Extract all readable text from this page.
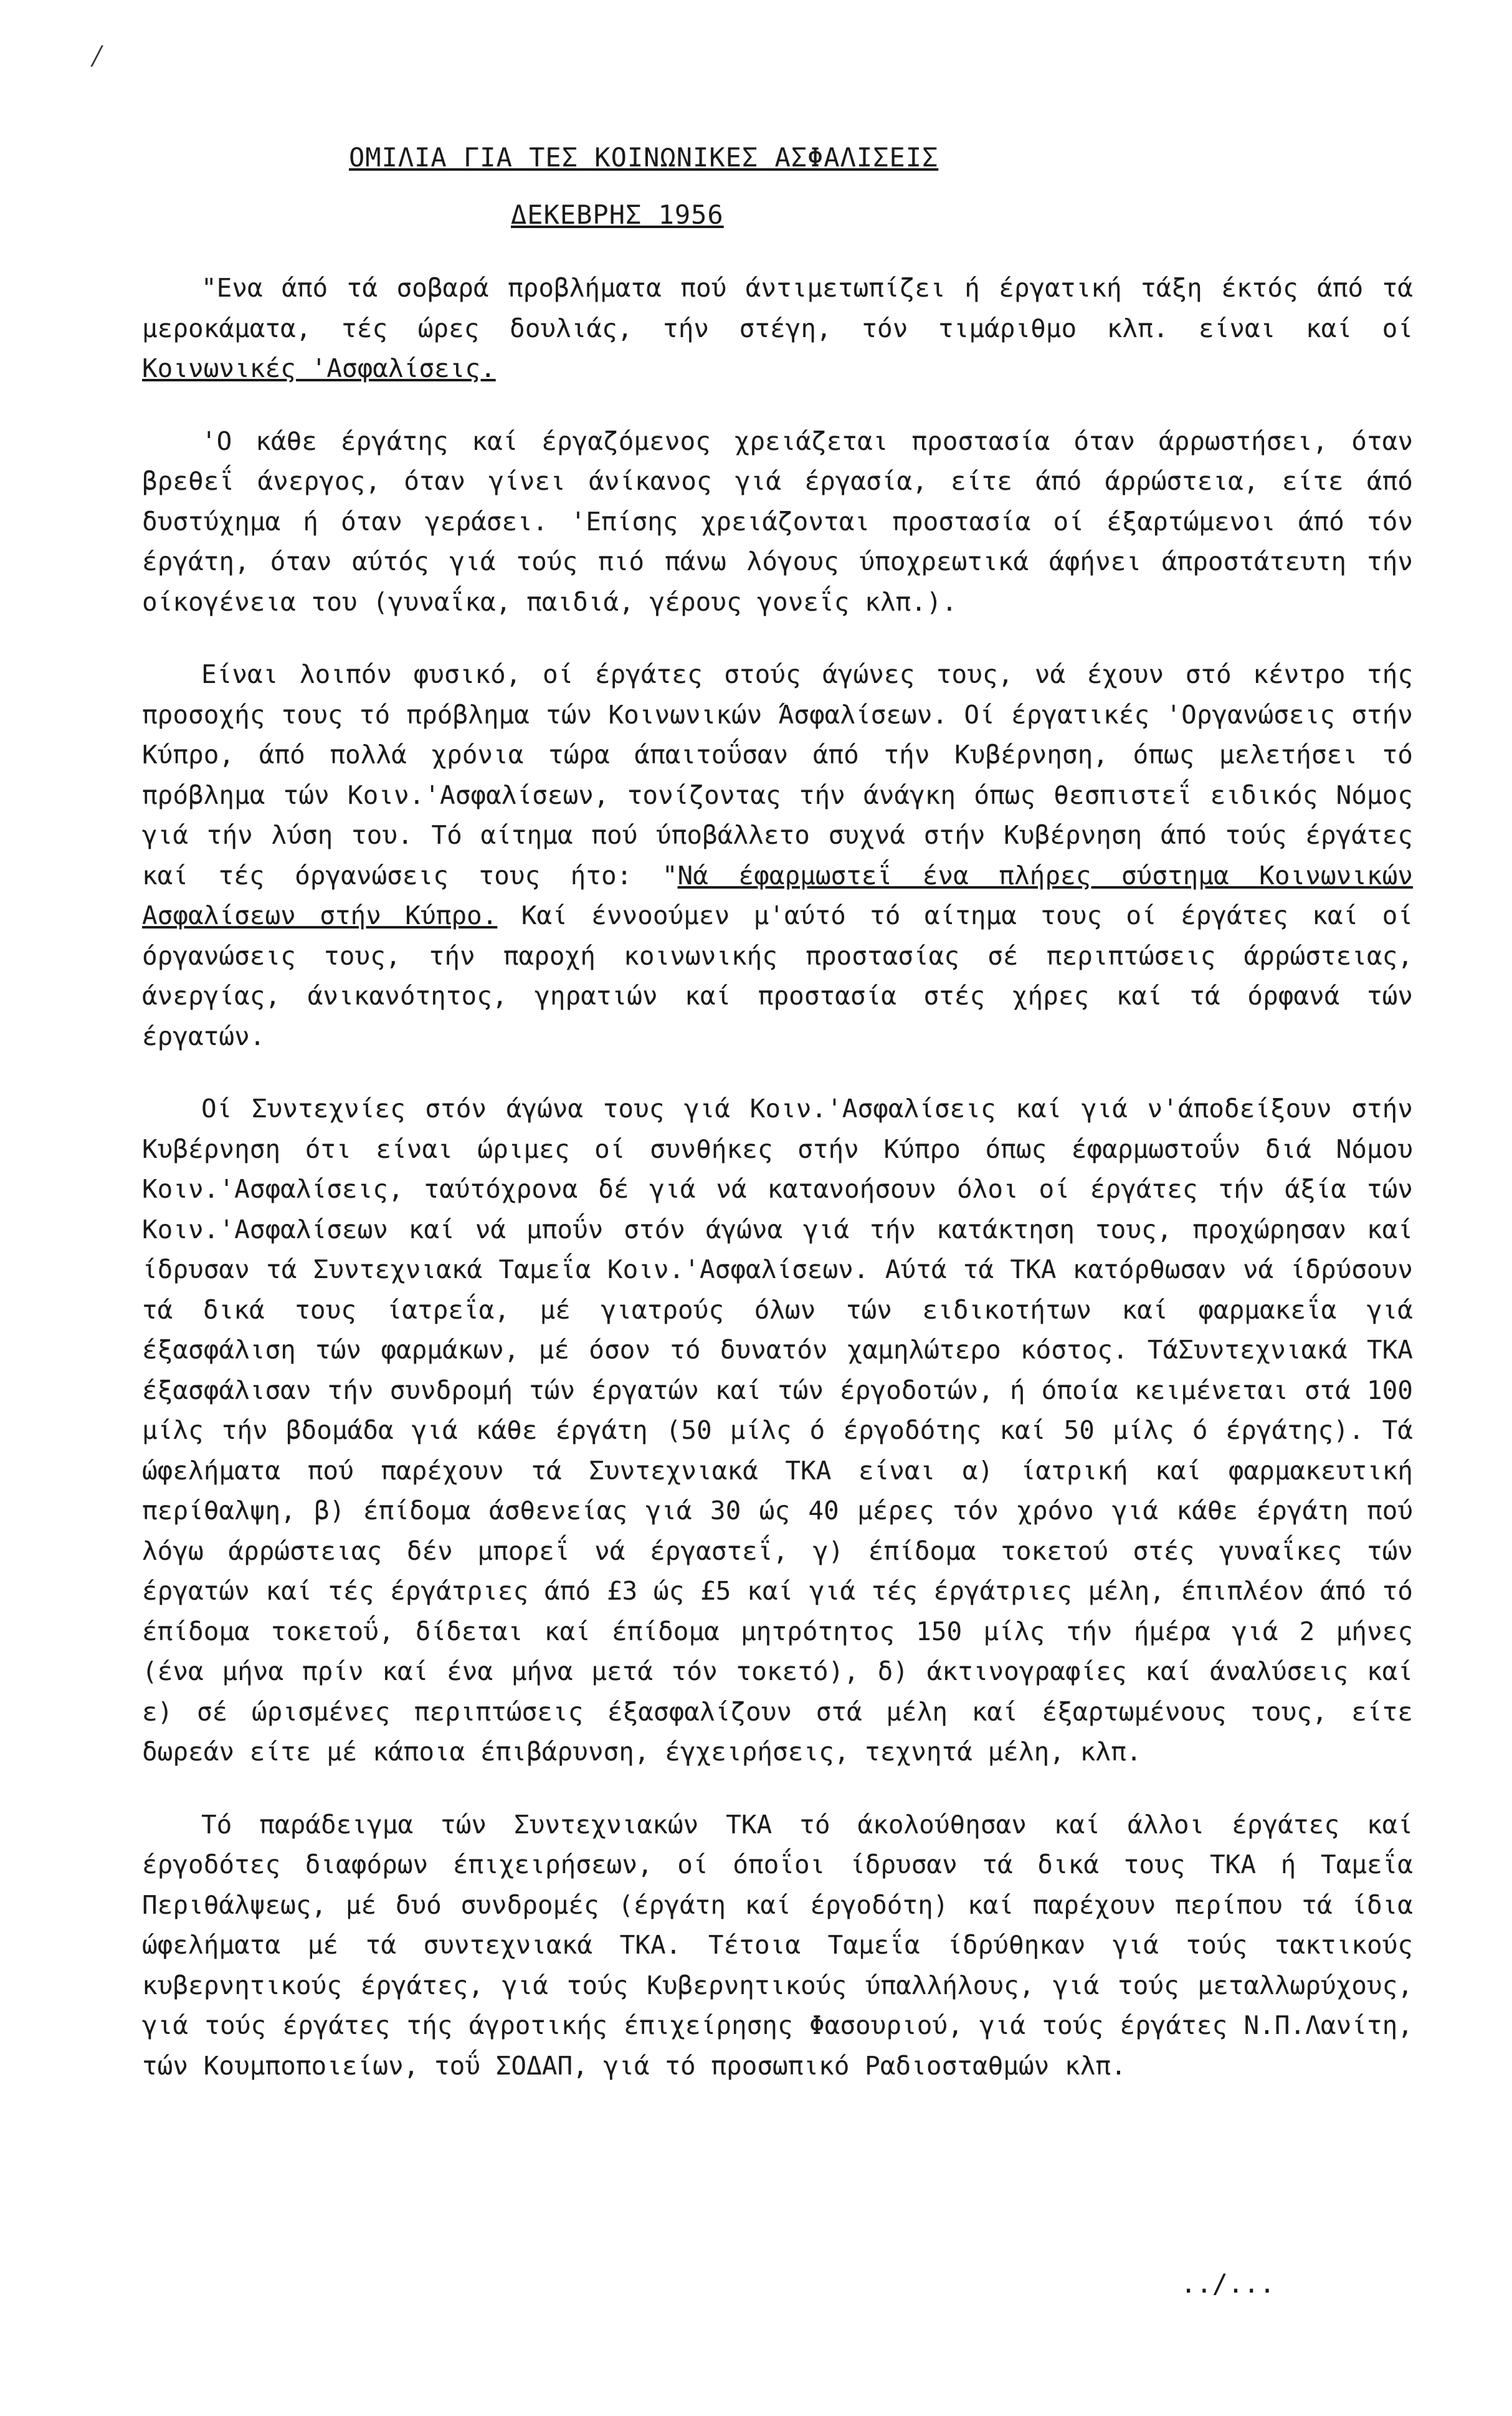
⁄
ΟΜΙΛΙΑ ΓΙΑ ΤΕΣ ΚΟΙΝΩΝΙΚΕΣ ΑΣΦΑΛΙΣΕΙΣ
ΔΕΚΕΒΡΗΣ 1956

"Ενα άπό τά σοβαρά προβλήματα πού άντιμετωπίζει ή έργατική τάξη έκτός άπό τά μεροκάματα, τές ώρες δουλιάς, τήν στέγη, τόν τιμάριθμο κλπ. είναι καί οί Κοινωνικές 'Ασφαλίσεις.

'Ο κάθε έργάτης καί έργαζόμενος χρειάζεται προστασία όταν άρρωστήσει, όταν βρεθεΐ άνεργος, όταν γίνει άνίκανος γιά έργασία, είτε άπό άρρώστεια, είτε άπό δυστύχημα ή όταν γεράσει. 'Επίσης χρειάζονται προστασία οί έξαρτώμενοι άπό τόν έργάτη, όταν αύτός γιά τούς πιό πάνω λόγους ύποχρεωτικά άφήνει άπροστάτευτη τήν οίκογένεια του (γυναΐκα, παιδιά, γέρους γονεΐς κλπ.).

Είναι λοιπόν φυσικό, οί έργάτες στούς άγώνες τους, νά έχουν στό κέντρο τής προσοχής τους τό πρόβλημα τών Κοινωνικών Άσφαλίσεων. Οί έργατικές 'Οργανώσεις στήν Κύπρο, άπό πολλά χρόνια τώρα άπαιτοΰσαν άπό τήν Κυβέρνηση, όπως μελετήσει τό πρόβλημα τών Κοιν.'Ασφαλίσεων, τονίζοντας τήν άνάγκη όπως θεσπιστεΐ ειδικός Νόμος γιά τήν λύση του. Τό αίτημα πού ύποβάλλετο συχνά στήν Κυβέρνηση άπό τούς έργάτες καί τές όργανώσεις τους ήτο: "Νά έφαρμωστεΐ ένα πλήρες σύστημα Κοινωνικών Ασφαλίσεων στήν Κύπρο. Καί έννοούμεν μ'αύτό τό αίτημα τους οί έργάτες καί οί όργανώσεις τους, τήν παροχή κοινωνικής προστασίας σέ περιπτώσεις άρρώστειας, άνεργίας, άνικανότητος, γηρατιών καί προστασία στές χήρες καί τά όρφανά τών έργατών.

Οί Συντεχνίες στόν άγώνα τους γιά Κοιν.'Ασφαλίσεις καί γιά ν'άποδείξουν στήν Κυβέρνηση ότι είναι ώριμες οί συνθήκες στήν Κύπρο όπως έφαρμωστοΰν διά Νόμου Κοιν.'Ασφαλίσεις, ταύτόχρονα δέ γιά νά κατανοήσουν όλοι οί έργάτες τήν άξία τών Κοιν.'Ασφαλίσεων καί νά μποΰν στόν άγώνα γιά τήν κατάκτηση τους, προχώρησαν καί ίδρυσαν τά Συντεχνιακά Ταμεΐα Κοιν.'Ασφαλίσεων. Αύτά τά ΤΚΑ κατόρθωσαν νά ίδρύσουν τά δικά τους ίατρεΐα, μέ γιατρούς όλων τών ειδικοτήτων καί φαρμακεΐα γιά έξασφάλιση τών φαρμάκων, μέ όσον τό δυνατόν χαμηλώτερο κόστος. ΤάΣυντεχνιακά ΤΚΑ έξασφάλισαν τήν συνδρομή τών έργατών καί τών έργοδοτών, ή όποία κειμένεται στά 100 μίλς τήν βδομάδα γιά κάθε έργάτη (50 μίλς ό έργοδότης καί 50 μίλς ό έργάτης). Τά ώφελήματα πού παρέχουν τά Συντεχνιακά ΤΚΑ είναι α) ίατρική καί φαρμακευτική περίθαλψη, β) έπίδομα άσθενείας γιά 30 ώς 40 μέρες τόν χρόνο γιά κάθε έργάτη πού λόγω άρρώστειας δέν μπορεΐ νά έργαστεΐ, γ) έπίδομα τοκετού στές γυναΐκες τών έργατών καί τές έργάτριες άπό £3 ώς £5 καί γιά τές έργάτριες μέλη, έπιπλέον άπό τό έπίδομα τοκετοΰ, δίδεται καί έπίδομα μητρότητος 150 μίλς τήν ήμέρα γιά 2 μήνες (ένα μήνα πρίν καί ένα μήνα μετά τόν τοκετό), δ) άκτινογραφίες καί άναλύσεις καί ε) σέ ώρισμένες περιπτώσεις έξασφαλίζουν στά μέλη καί έξαρτωμένους τους, είτε δωρεάν είτε μέ κάποια έπιβάρυνση, έγχειρήσεις, τεχνητά μέλη, κλπ.

Τό παράδειγμα τών Συντεχνιακών ΤΚΑ τό άκολούθησαν καί άλλοι έργάτες καί έργοδότες διαφόρων έπιχειρήσεων, οί όποΐοι ίδρυσαν τά δικά τους ΤΚΑ ή Ταμεΐα Περιθάλψεως, μέ δυό συνδρομές (έργάτη καί έργοδότη) καί παρέχουν περίπου τά ίδια ώφελήματα μέ τά συντεχνιακά ΤΚΑ. Τέτοια Ταμεΐα ίδρύθηκαν γιά τούς τακτικούς κυβερνητικούς έργάτες, γιά τούς Κυβερνητικούς ύπαλλήλους, γιά τούς μεταλλωρύχους, γιά τούς έργάτες τής άγροτικής έπιχείρησης Φασουριού, γιά τούς έργάτες Ν.Π.Λανίτη, τών Κουμποποιείων, τοΰ ΣΟΔΑΠ, γιά τό προσωπικό Ραδιοσταθμών κλπ.

../...
